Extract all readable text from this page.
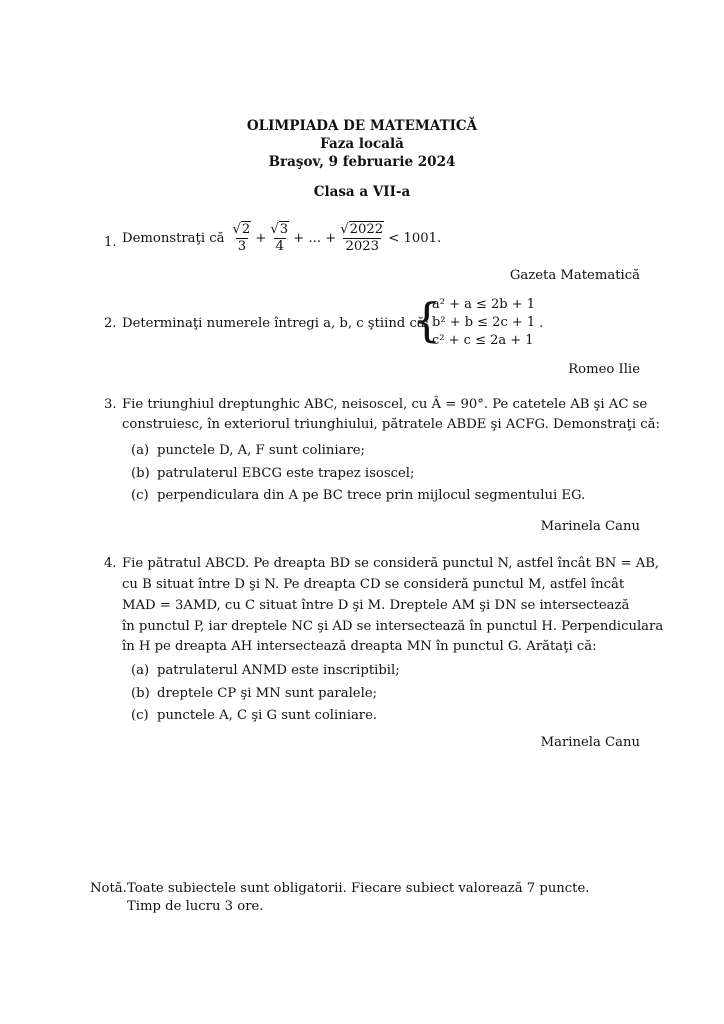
OLIMPIADA DE MATEMATICĂ
Faza locală
Braşov, 9 februarie 2024
Clasa a VII-a
1. Demonstraţi că $\frac{√2}{3} + \frac{√3}{4}$ + ... + $\frac{√2022}{2023} < 1001$.
Gazeta Matematică
2. Determinaţi numerele întregi a, b, c ştiind că:
{
a² + a ≤ 2b + 1
b² + b ≤ 2c + 1
c² + c ≤ 2a + 1
.
Romeo Ilie
3. Fie triunghiul dreptunghic ABC, neisoscel, cu Â = 90°. Pe catetele AB şi AC se
construiesc, în exteriorul triunghiului, pătratele ABDE şi ACFG. Demonstraţi că:
(a) punctele D, A, F sunt coliniare;
(b) patrulaterul EBCG este trapez isoscel;
(c) perpendiculara din A pe BC trece prin mijlocul segmentului EG.
Marinela Canu
4. Fie pătratul ABCD. Pe dreapta BD se consideră punctul N, astfel încât BN = AB,
cu B situat între D şi N. Pe dreapta CD se consideră punctul M, astfel încât
MAD = 3AMD, cu C situat între D şi M. Dreptele AM şi DN se intersectează
în punctul P, iar dreptele NC şi AD se intersectează în punctul H. Perpendiculara
în H pe dreapta AH intersectează dreapta MN în punctul G. Arătaţi că:
(a) patrulaterul ANMD este inscriptibil;
(b) dreptele CP şi MN sunt paralele;
(c) punctele A, C şi G sunt coliniare.
Marinela Canu
Notă. Toate subiectele sunt obligatorii. Fiecare subiect valorează 7 puncte.
Timp de lucru 3 ore.
